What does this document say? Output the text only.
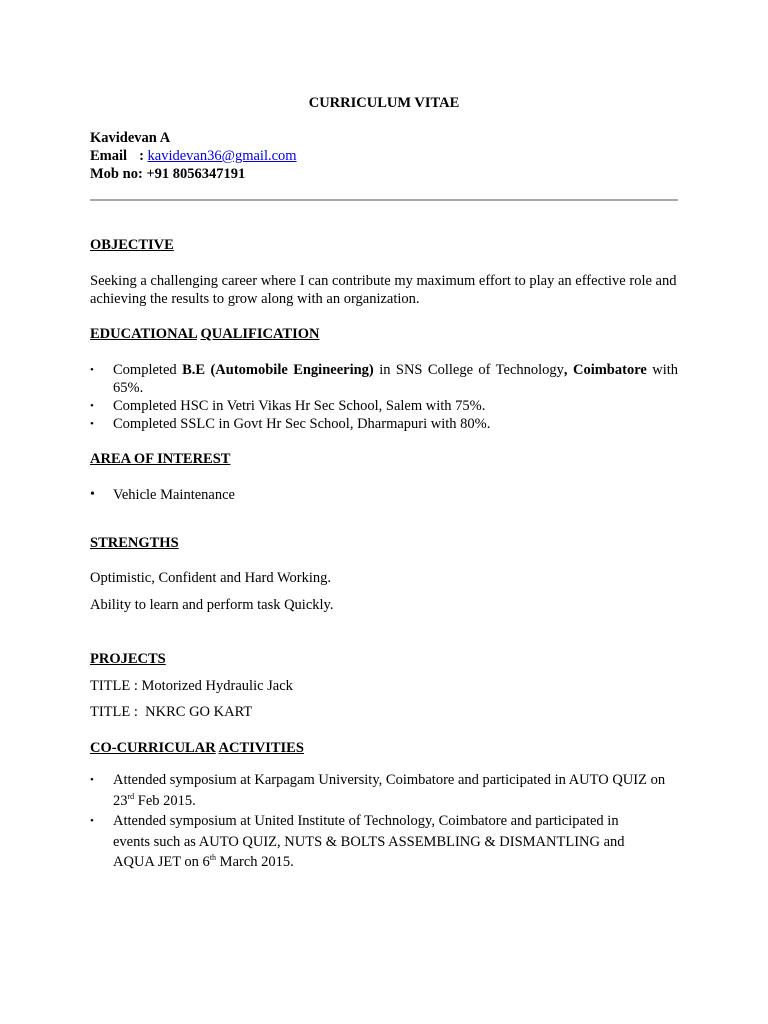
CURRICULUM VITAE
Kavidevan A
Email : kavidevan36@gmail.com
Mob no: +91 8056347191
OBJECTIVE
Seeking a challenging career where I can contribute my maximum effort to play an effective role and achieving the results to grow along with an organization.
EDUCATIONAL QUALIFICATION
•	Completed B.E (Automobile Engineering) in SNS College of Technology, Coimbatore with 65%.
•	Completed HSC in Vetri Vikas Hr Sec School, Salem with 75%.
•	Completed SSLC in Govt Hr Sec School, Dharmapuri with 80%.
AREA OF INTEREST
•	Vehicle Maintenance
STRENGTHS
Optimistic, Confident and Hard Working.
Ability to learn and perform task Quickly.
PROJECTS
TITLE : Motorized Hydraulic Jack
TITLE :  NKRC GO KART
CO-CURRICULAR ACTIVITIES
•	Attended symposium at Karpagam University, Coimbatore and participated in AUTO QUIZ on 23rd Feb 2015.
•	Attended symposium at United Institute of Technology, Coimbatore and participated in events such as AUTO QUIZ, NUTS & BOLTS ASSEMBLING & DISMANTLING and AQUA JET on 6th March 2015.
